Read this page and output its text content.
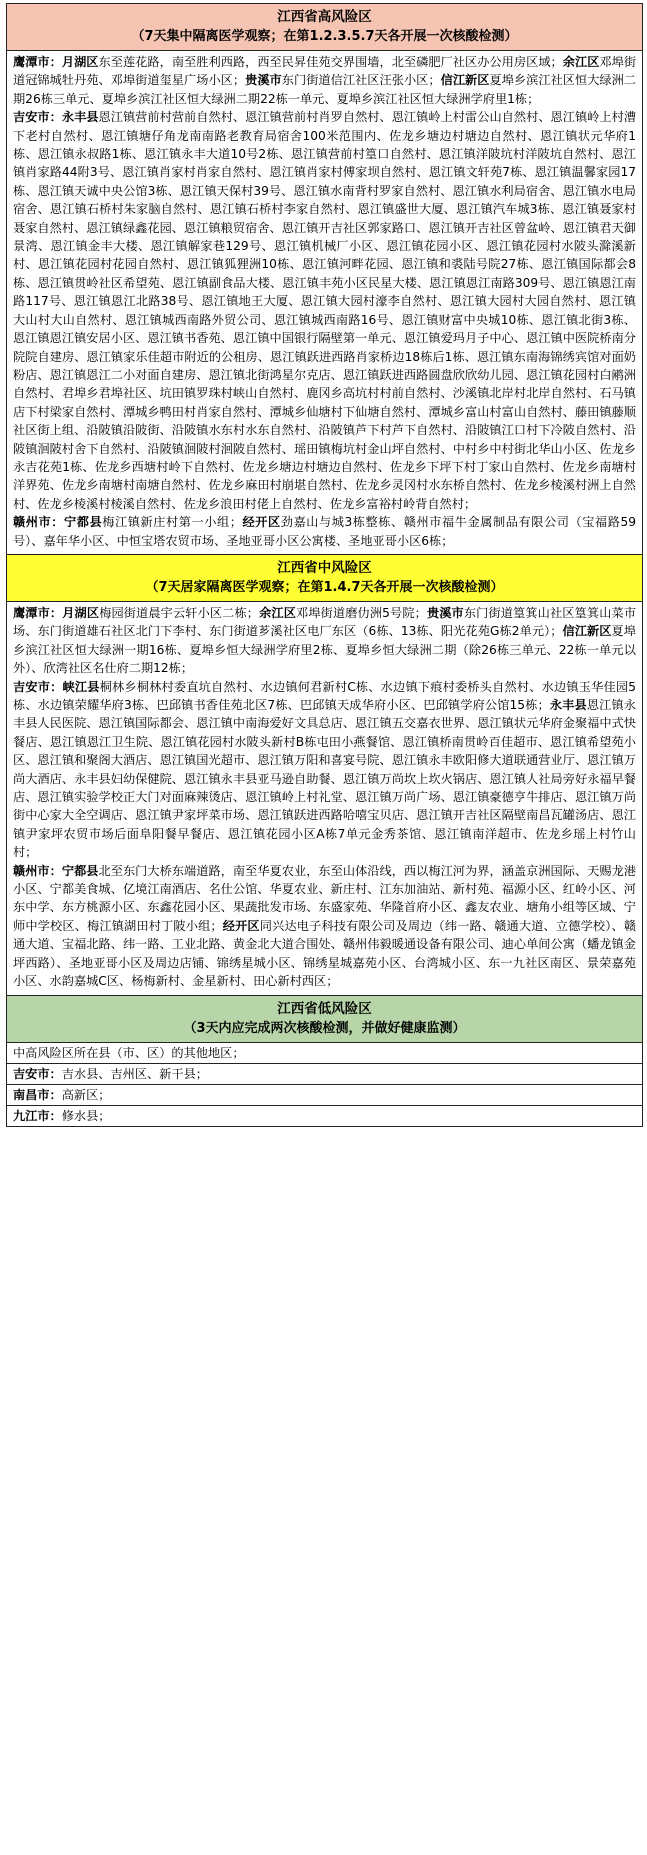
江西省高风险区
（7天集中隔离医学观察；在第1.2.3.5.7天各开展一次核酸检测）

鹰潭市：月湖区东至莲花路，南至胜利西路，西至民昇佳苑交界围墙，北至磷肥厂社区办公用房区域；余江区邓埠街道冠锦城牡丹苑、邓埠街道玺星广场小区；贵溪市东门街道信江社区汪张小区；信江新区夏埠乡滨江社区恒大绿洲二期26栋三单元、夏埠乡滨江社区恒大绿洲二期22栋一单元、夏埠乡滨江社区恒大绿洲学府里1栋；

吉安市：永丰县恩江镇营前村营前自然村、恩江镇营前村肖罗自然村、恩江镇岭上村雷公山自然村、恩江镇岭上村漕下老村自然村、恩江镇塘仔角龙南南路老教育局宿舍100米范围内、佐龙乡塘边村塘边自然村、恩江镇状元华府1栋、恩江镇永叔路1栋、恩江镇永丰大道10号2栋、恩江镇营前村篁口自然村、恩江镇洋陂坑村洋陂坑自然村、恩江镇肖家路44附3号、恩江镇肖家村肖家自然村、恩江镇肖家村傅家坝自然村、恩江镇文轩苑7栋、恩江镇温馨家园17栋、恩江镇天诚中央公馆3栋、恩江镇天保村39号、恩江镇水南背村罗家自然村、恩江镇水利局宿舍、恩江镇水电局宿舍、恩江镇石桥村朱家脑自然村、恩江镇石桥村李家自然村、恩江镇盛世大厦、恩江镇汽车城3栋、恩江镇聂家村聂家自然村、恩江镇绿鑫花园、恩江镇粮贸宿舍、恩江镇开吉社区郭家路口、恩江镇开吉社区曾盆岭、恩江镇君天御景湾、恩江镇金丰大楼、恩江镇解家巷129号、恩江镇机械厂小区、恩江镇花园小区、恩江镇花园村水陂头滁溪新村、恩江镇花园村花园自然村、恩江镇狐狸洲10栋、恩江镇河畔花园、恩江镇和裘陆号院27栋、恩江镇国际都会8栋、恩江镇贯岭社区希望苑、恩江镇副食品大楼、恩江镇丰苑小区民星大楼、恩江镇恩江南路309号、恩江镇恩江南路117号、恩江镇恩江北路38号、恩江镇地王大厦、恩江镇大园村濠李自然村、恩江镇大园村大园自然村、恩江镇大山村大山自然村、恩江镇城西南路外贸公司、恩江镇城西南路16号、恩江镇财富中央城10栋、恩江镇北街3栋、恩江镇恩江镇安居小区、恩江镇书香苑、恩江镇中国银行隔壁第一单元、恩江镇爱玛月子中心、恩江镇中医院桥南分院院自建房、恩江镇家乐佳超市附近的公租房、恩江镇跃进西路肖家桥边18栋后1栋、恩江镇东南海锦绣宾馆对面奶粉店、恩江镇恩江二小对面自建房、恩江镇北街鸿星尔克店、恩江镇跃进西路圆盘欣欣幼儿园、恩江镇花园村白鹇洲自然村、君埠乡君埠社区、坑田镇罗珠村峡山自然村、鹿冈乡高坑村村前自然村、沙溪镇北岸村北岸自然村、石马镇店下村梁家自然村、潭城乡鸭田村肖家自然村、潭城乡仙塘村下仙塘自然村、潭城乡富山村富山自然村、藤田镇藤顺社区街上组、沿陂镇沿陂街、沿陂镇水东村水东自然村、沿陂镇芦下村芦下自然村、沿陂镇江口村下冷陂自然村、沿陂镇洄陂村舍下自然村、沿陂镇洄陂村洄陂自然村、瑶田镇梅坑村金山坪自然村、中村乡中村街北华山小区、佐龙乡永吉花苑1栋、佐龙乡西塘村岭下自然村、佐龙乡塘边村塘边自然村、佐龙乡下坪下村丁家山自然村、佐龙乡南塘村洋界苑、佐龙乡南塘村南塘自然村、佐龙乡麻田村崩堪自然村、佐龙乡灵冈村水东桥自然村、佐龙乡棱溪村洲上自然村、佐龙乡棱溪村棱溪自然村、佐龙乡浪田村佬上自然村、佐龙乡富裕村岭背自然村；

赣州市：宁都县梅江镇新庄村第一小组；经开区劲嘉山与城3栋整栋、赣州市福牛金属制品有限公司（宝福路59号）、嘉年华小区、中恒宝塔农贸市场、圣地亚哥小区公寓楼、圣地亚哥小区6栋；

江西省中风险区
（7天居家隔离医学观察；在第1.4.7天各开展一次核酸检测）

鹰潭市：月湖区梅园街道晨宇云轩小区二栋；余江区邓埠街道磨仂洲5号院；贵溪市东门街道篁箕山社区篁箕山菜市场、东门街道雄石社区北门下李村、东门街道芗溪社区电厂东区（6栋、13栋、阳光花苑G栋2单元）；信江新区夏埠乡滨江社区恒大绿洲一期16栋、夏埠乡恒大绿洲学府里2栋、夏埠乡恒大绿洲二期（除26栋三单元、22栋一单元以外）、欣湾社区名仕府二期12栋；

吉安市：峡江县桐林乡桐林村委直坑自然村、水边镇何君新村C栋、水边镇下痕村委桥头自然村、水边镇玉华佳园5栋、水边镇荣耀华府3栋、巴邱镇书香佳苑北区7栋、巴邱镇天成华府小区、巴邱镇学府公馆15栋；永丰县恩江镇永丰县人民医院、恩江镇国际都会、恩江镇中南海爱好文具总店、恩江镇五交嘉衣世界、恩江镇状元华府金聚福中式快餐店、恩江镇恩江卫生院、恩江镇花园村水陂头新村B栋屯田小燕餐馆、恩江镇桥南贯岭百佳超市、恩江镇希望苑小区、恩江镇和聚阁大酒店、恩江镇国光超市、恩江镇万阳和喜宴号院、恩江镇永丰欧阳修大道联通营业厅、恩江镇万尚大酒店、永丰县妇幼保健院、恩江镇永丰县亚马逊自助餐、恩江镇万尚坎上坎火锅店、恩江镇人社局旁好永福早餐店、恩江镇实验学校正大门对面麻辣烫店、恩江镇岭上村礼堂、恩江镇万尚广场、恩江镇豪德亨牛排店、恩江镇万尚街中心家大全空调店、恩江镇尹家坪菜市场、恩江镇跃进西路哈嘻宝贝店、恩江镇开吉社区隔壁南昌瓦罐汤店、恩江镇尹家坪农贸市场后面阜阳餐早餐店、恩江镇花园小区A栋7单元金秀茶馆、恩江镇南洋超市、佐龙乡瑶上村竹山村；

赣州市：宁都县北至东门大桥东端道路，南至华夏农业，东至山体沿线，西以梅江河为界，涵盖京洲国际、天赐龙港小区、宁都美食城、亿境江南酒店、名仕公馆、华夏农业、新庄村、江东加油站、新村苑、福源小区、红岭小区、河东中学、东方桃源小区、东鑫花园小区、果蔬批发市场、东盛家苑、华隆首府小区、鑫友农业、塘角小组等区域、宁师中学校区、梅江镇湖田村丁陂小组；经开区同兴达电子科技有限公司及周边（纬一路、赣通大道、立德学校）、赣通大道、宝福北路、纬一路、工业北路、黄金北大道合围处、赣州伟毅暖通设备有限公司、迪心单间公寓（蟠龙镇金坪西路）、圣地亚哥小区及周边店铺、锦绣星城小区、锦绣星城嘉苑小区、台湾城小区、东一九社区南区、景荣嘉苑小区、水韵嘉城C区、杨梅新村、金星新村、田心新村西区；

江西省低风险区
（3天内应完成两次核酸检测，并做好健康监测）
中高风险区所在县（市、区）的其他地区；
吉安市：吉水县、吉州区、新干县；
南昌市：高新区；
九江市：修水县；
